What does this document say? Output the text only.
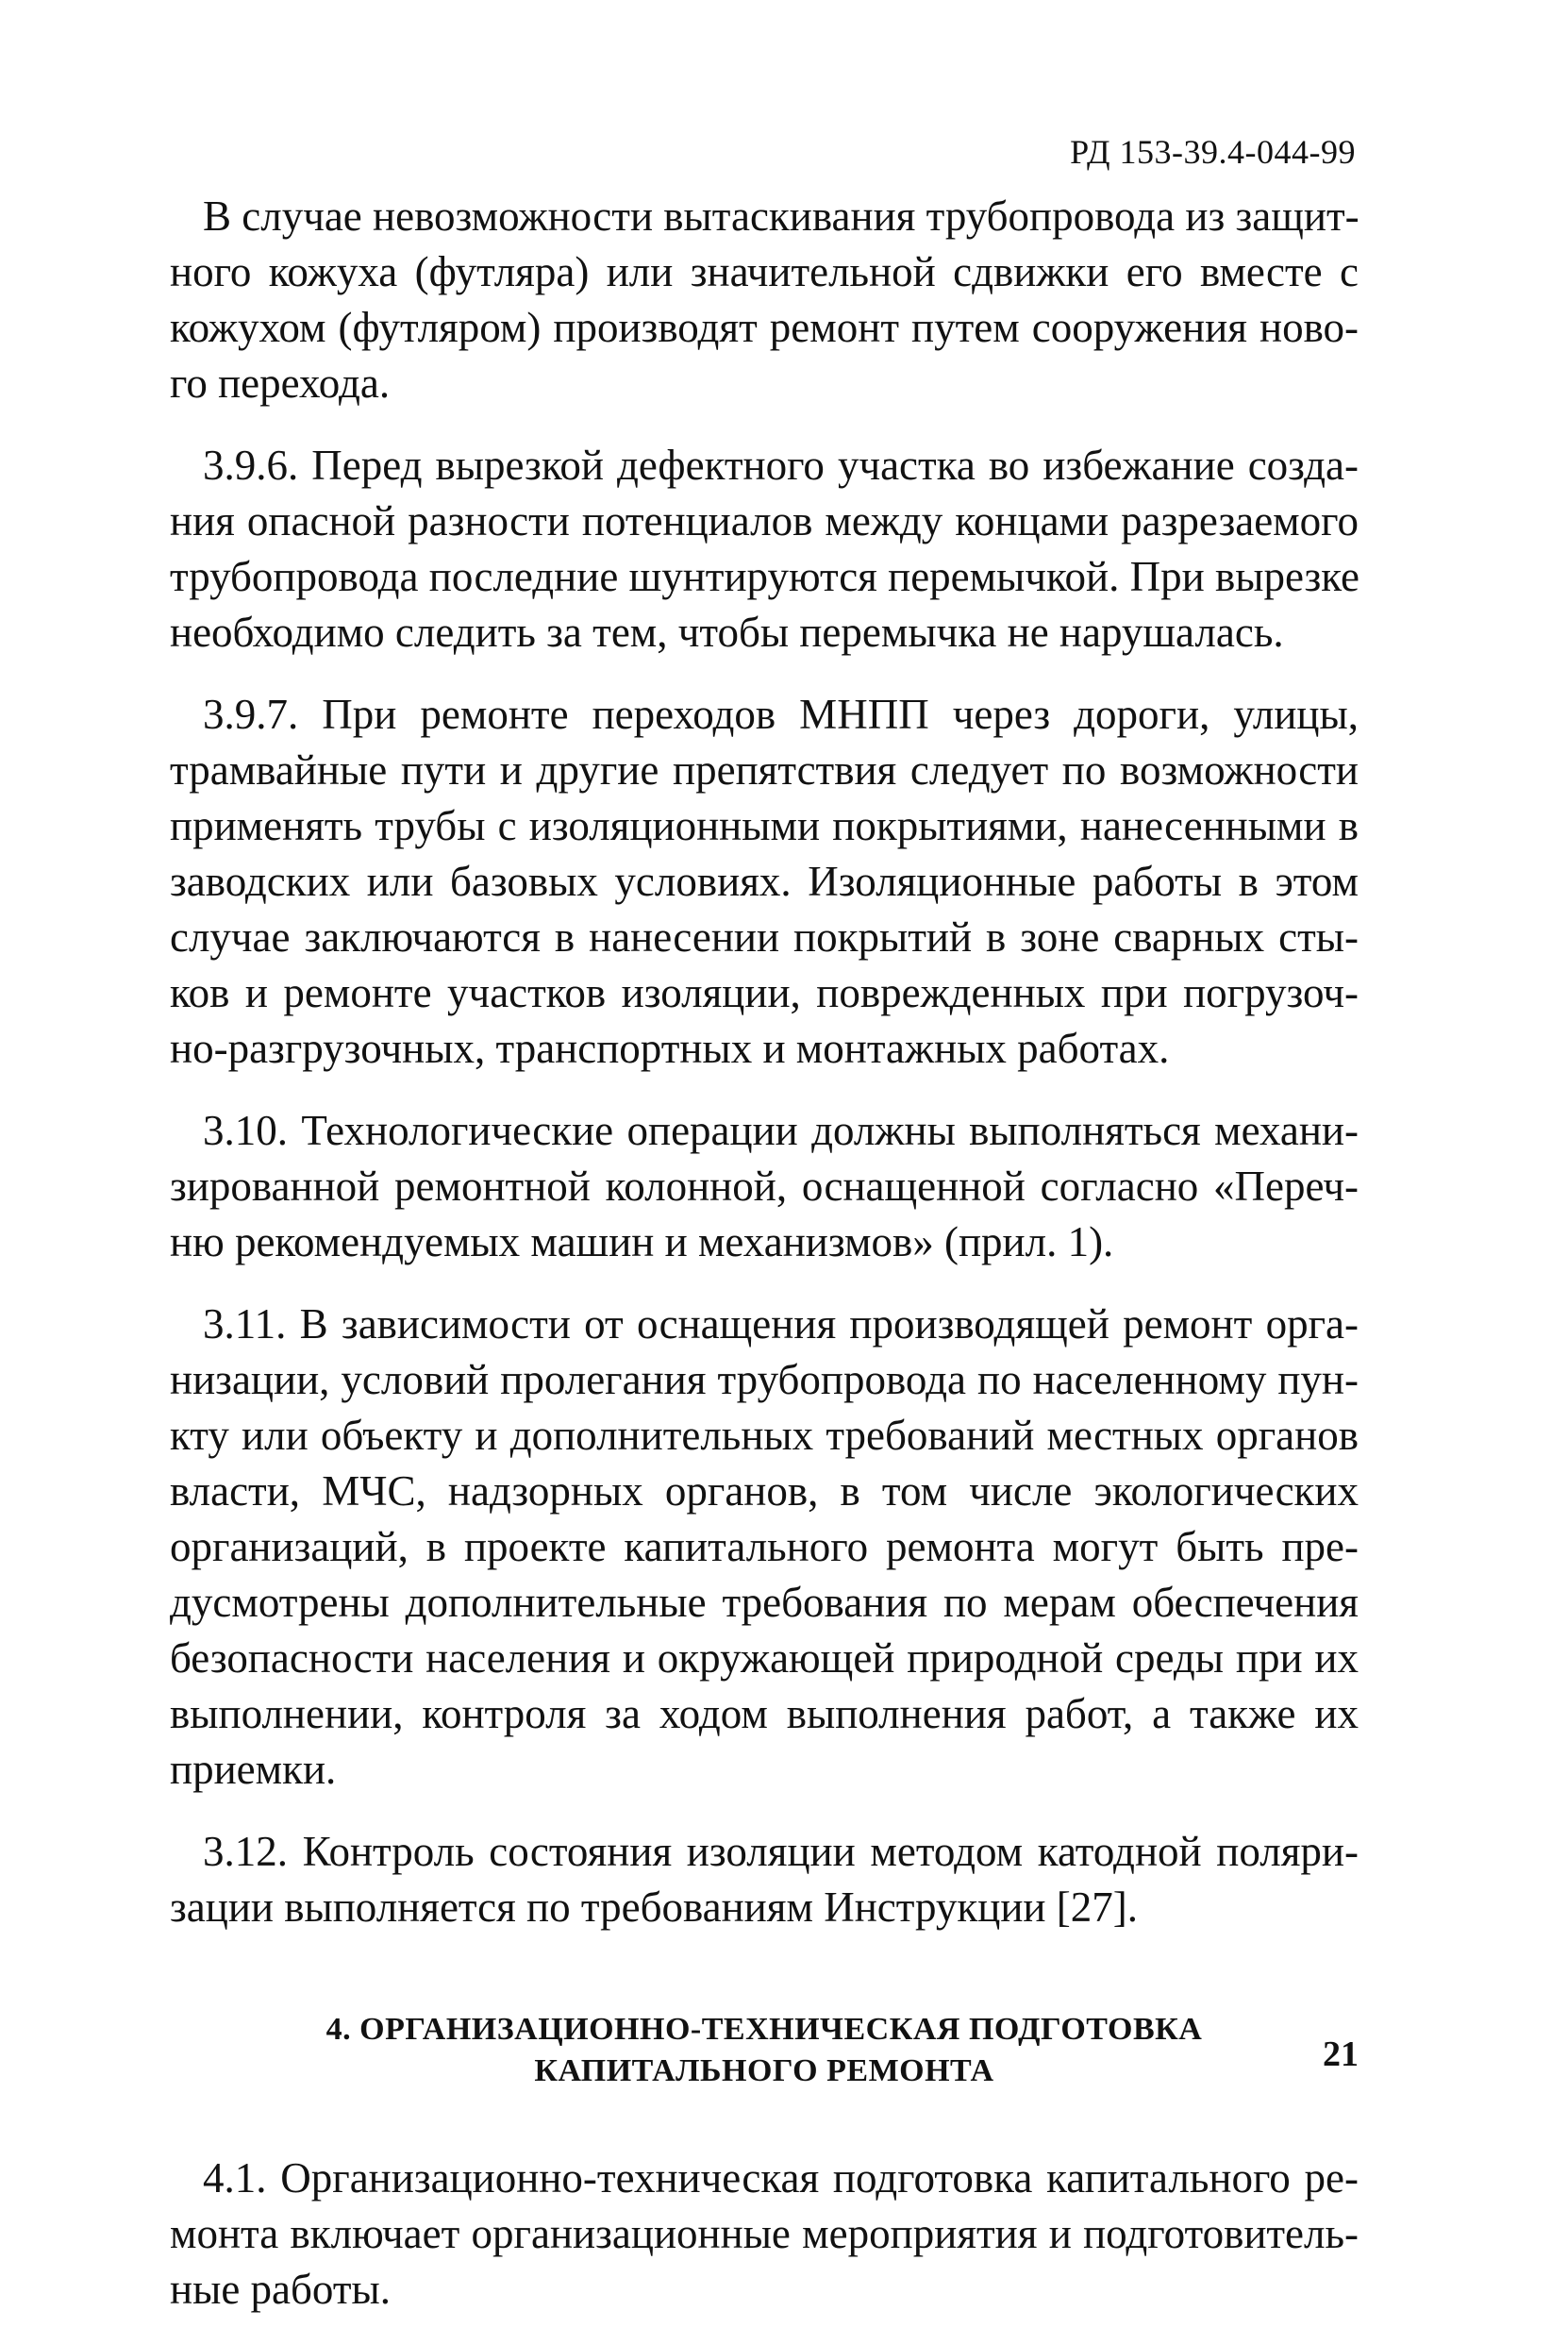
РД 153-39.4-044-99
В случае невозможности вытаскивания трубопровода из защит-
ного кожуха (футляра) или значительной сдвижки его вместе с
кожухом (футляром) производят ремонт путем сооружения ново-
го перехода.
3.9.6. Перед вырезкой дефектного участка во избежание созда-
ния опасной разности потенциалов между концами разрезаемого
трубопровода последние шунтируются перемычкой. При вырезке
необходимо следить за тем, чтобы перемычка не нарушалась.
3.9.7. При ремонте переходов МНПП через дороги, улицы,
трамвайные пути и другие препятствия следует по возможности
применять трубы с изоляционными покрытиями, нанесенными в
заводских или базовых условиях. Изоляционные работы в этом
случае заключаются в нанесении покрытий в зоне сварных сты-
ков и ремонте участков изоляции, поврежденных при погрузоч-
но-разгрузочных, транспортных и монтажных работах.
3.10. Технологические операции должны выполняться механи-
зированной ремонтной колонной, оснащенной согласно «Переч-
ню рекомендуемых машин и механизмов» (прил. 1).
3.11. В зависимости от оснащения производящей ремонт орга-
низации, условий пролегания трубопровода по населенному пун-
кту или объекту и дополнительных требований местных органов
власти, МЧС, надзорных органов, в том числе экологических
организаций, в проекте капитального ремонта могут быть пре-
дусмотрены дополнительные требования по мерам обеспечения
безопасности населения и окружающей природной среды при их
выполнении, контроля за ходом выполнения работ, а также их
приемки.
3.12. Контроль состояния изоляции методом катодной поляри-
зации выполняется по требованиям Инструкции [27].
4. ОРГАНИЗАЦИОННО-ТЕХНИЧЕСКАЯ ПОДГОТОВКА
КАПИТАЛЬНОГО РЕМОНТА
4.1. Организационно-техническая подготовка капитального ре-
монта включает организационные мероприятия и подготовитель-
ные работы.
21
